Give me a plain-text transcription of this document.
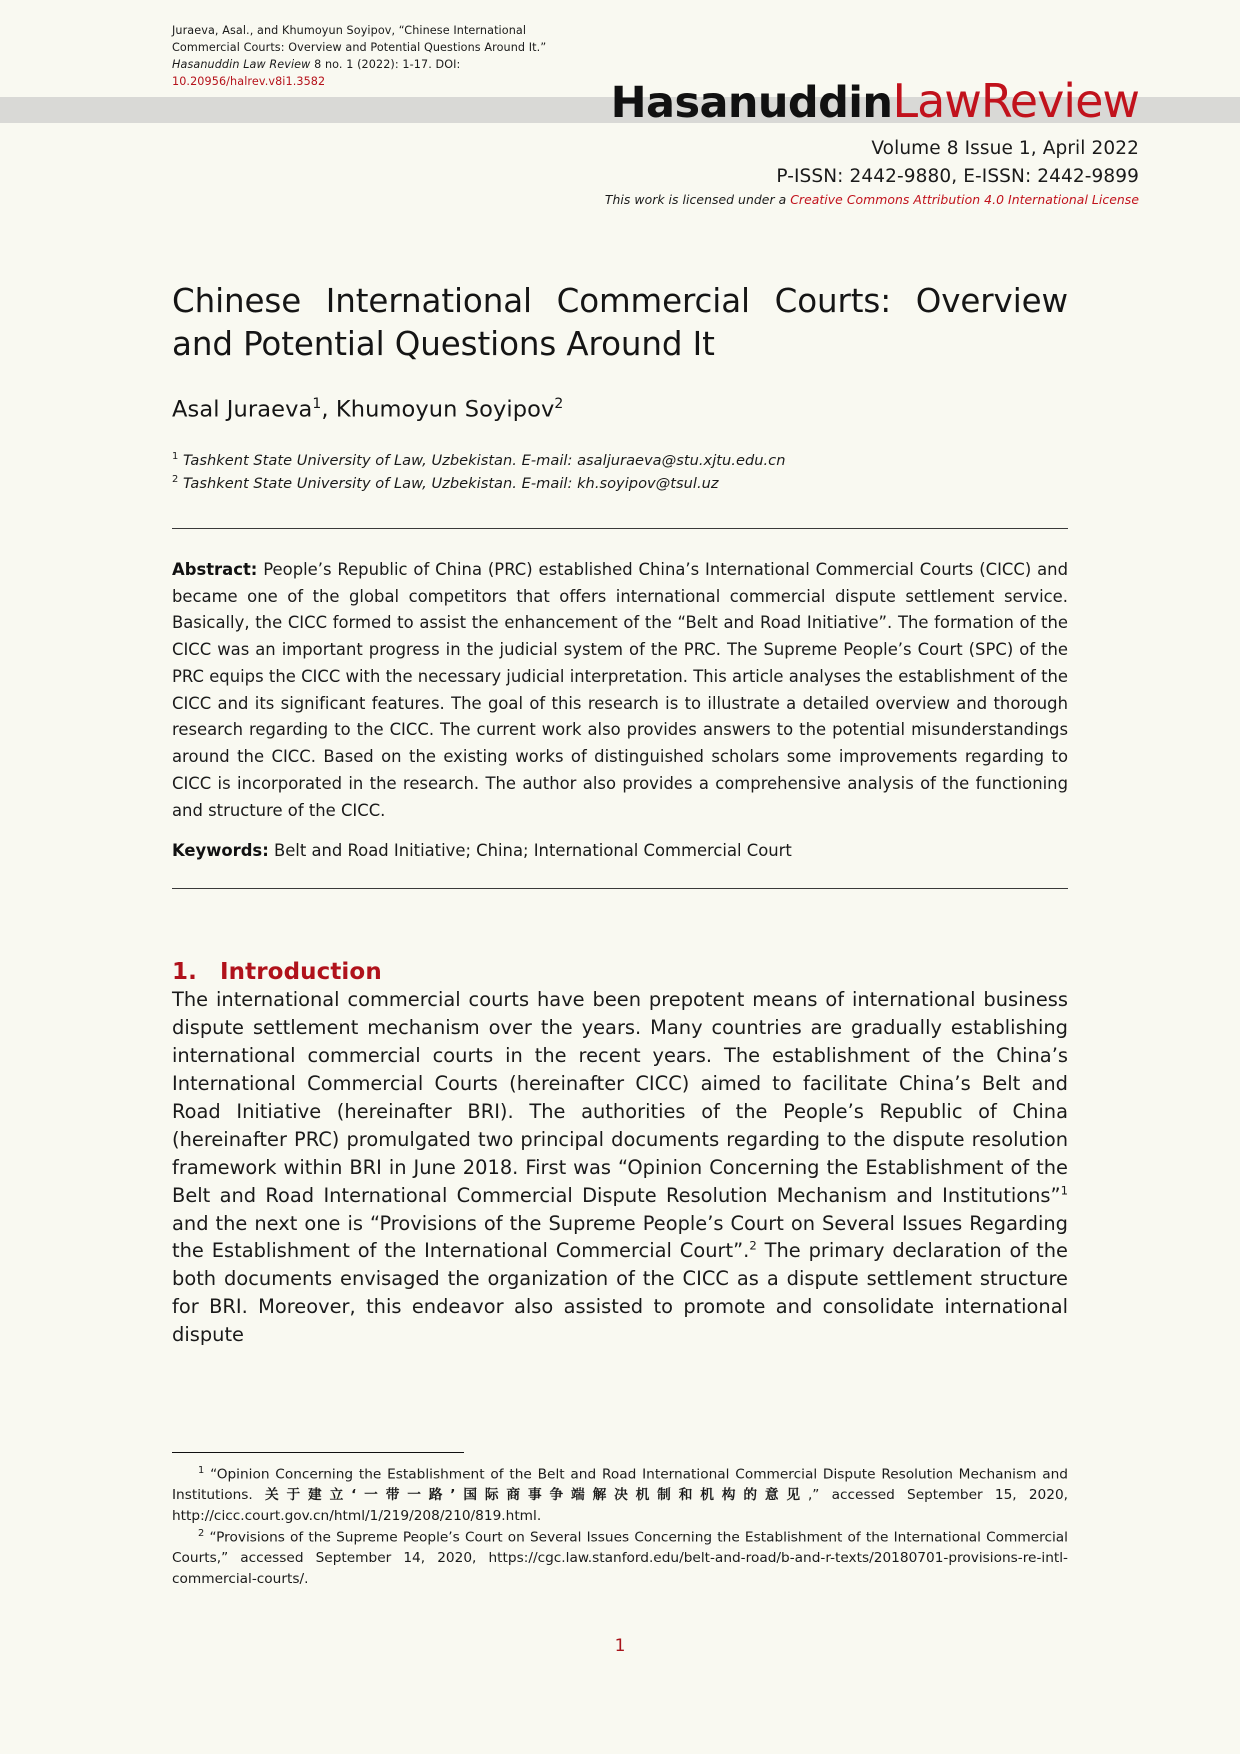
Juraeva, Asal., and Khumoyun Soyipov, “Chinese International Commercial Courts: Overview and Potential Questions Around It.” Hasanuddin Law Review 8 no. 1 (2022): 1-17. DOI: 10.20956/halrev.v8i1.3582	HasanuddinLawReview
Volume 8 Issue 1, April 2022
P-ISSN: 2442-9880, E-ISSN: 2442-9899
This work is licensed under a Creative Commons Attribution 4.0 International License
Chinese International Commercial Courts: Overview and Potential Questions Around It
Asal Juraeva$^1$, Khumoyun Soyipov$^2$
$^1$ Tashkent State University of Law, Uzbekistan. E-mail: asaljuraeva@stu.xjtu.edu.cn
$^2$ Tashkent State University of Law, Uzbekistan. E-mail: kh.soyipov@tsul.uz
Abstract: People’s Republic of China (PRC) established China’s International Commercial Courts (CICC) and became one of the global competitors that offers international commercial dispute settlement service. Basically, the CICC formed to assist the enhancement of the “Belt and Road Initiative”. The formation of the CICC was an important progress in the judicial system of the PRC. The Supreme People’s Court (SPC) of the PRC equips the CICC with the necessary judicial interpretation. This article analyses the establishment of the CICC and its significant features. The goal of this research is to illustrate a detailed overview and thorough research regarding to the CICC. The current work also provides answers to the potential misunderstandings around the CICC. Based on the existing works of distinguished scholars some improvements regarding to CICC is incorporated in the research. The author also provides a comprehensive analysis of the functioning and structure of the CICC.
Keywords: Belt and Road Initiative; China; International Commercial Court
1. Introduction
The international commercial courts have been prepotent means of international business dispute settlement mechanism over the years. Many countries are gradually establishing international commercial courts in the recent years. The establishment of the China’s International Commercial Courts (hereinafter CICC) aimed to facilitate China’s Belt and Road Initiative (hereinafter BRI). The authorities of the People’s Republic of China (hereinafter PRC) promulgated two principal documents regarding to the dispute resolution framework within BRI in June 2018. First was “Opinion Concerning the Establishment of the Belt and Road International Commercial Dispute Resolution Mechanism and Institutions”$^1$ and the next one is “Provisions of the Supreme People’s Court on Several Issues Regarding the Establishment of the International Commercial Court”.$^2$ The primary declaration of the both documents envisaged the organization of the CICC as a dispute settlement structure for BRI. Moreover, this endeavor also assisted to promote and consolidate international dispute

$^1$ “Opinion Concerning the Establishment of the Belt and Road International Commercial Dispute Resolution Mechanism and Institutions. 关于建立‘一带一路’国际商事争端解决机制和机构的意见,” accessed September 15, 2020, http://cicc.court.gov.cn/html/1/219/208/210/819.html.

$^2$ “Provisions of the Supreme People’s Court on Several Issues Concerning the Establishment of the International Commercial Courts,” accessed September 14, 2020, https://cgc.law.stanford.edu/belt-and-road/b-and-r-texts/20180701-provisions-re-intl-commercial-courts/.

1
